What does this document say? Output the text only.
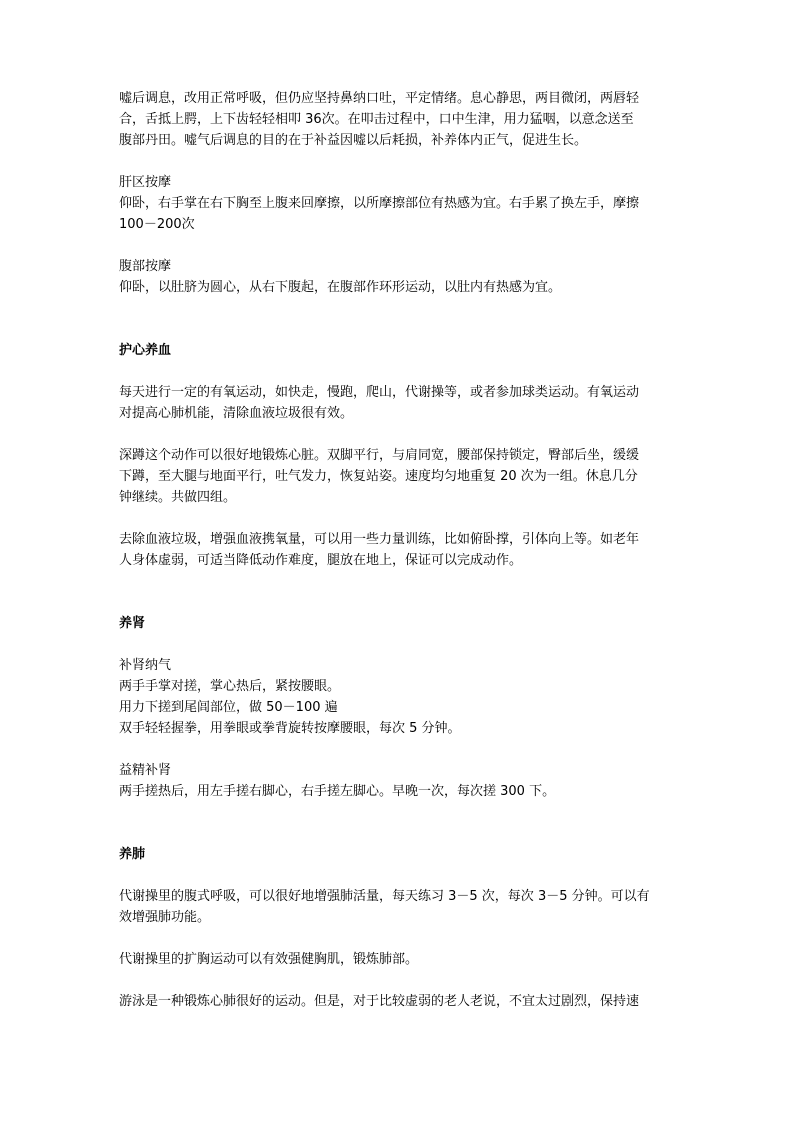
嘘后调息，改用正常呼吸，但仍应坚持鼻纳口吐，平定情绪。息心静思，两目微闭，两唇轻
合，舌抵上腭，上下齿轻轻相叩 36次。在叩击过程中，口中生津，用力猛咽，以意念送至
腹部丹田。嘘气后调息的目的在于补益因嘘以后耗损，补养体内正气，促进生长。
肝区按摩
仰卧，右手掌在右下胸至上腹来回摩擦，以所摩擦部位有热感为宜。右手累了换左手，摩擦
100－200次
腹部按摩
仰卧，以肚脐为圆心，从右下腹起，在腹部作环形运动，以肚内有热感为宜。
护心养血
每天进行一定的有氧运动，如快走，慢跑，爬山，代谢操等，或者参加球类运动。有氧运动
对提高心肺机能，清除血液垃圾很有效。
深蹲这个动作可以很好地锻炼心脏。双脚平行，与肩同宽，腰部保持锁定，臀部后坐，缓缓
下蹲，至大腿与地面平行，吐气发力，恢复站姿。速度均匀地重复 20 次为一组。休息几分
钟继续。共做四组。
去除血液垃圾，增强血液携氧量，可以用一些力量训练，比如俯卧撑，引体向上等。如老年
人身体虚弱，可适当降低动作难度，腿放在地上，保证可以完成动作。
养肾
补肾纳气
两手手掌对搓，掌心热后，紧按腰眼。
用力下搓到尾闾部位，做 50－100 遍
双手轻轻握拳，用拳眼或拳背旋转按摩腰眼，每次 5 分钟。
益精补肾
两手搓热后，用左手搓右脚心，右手搓左脚心。早晚一次，每次搓 300 下。
养肺
代谢操里的腹式呼吸，可以很好地增强肺活量，每天练习 3－5 次，每次 3－5 分钟。可以有
效增强肺功能。
代谢操里的扩胸运动可以有效强健胸肌，锻炼肺部。
游泳是一种锻炼心肺很好的运动。但是，对于比较虚弱的老人老说，不宜太过剧烈，保持速
